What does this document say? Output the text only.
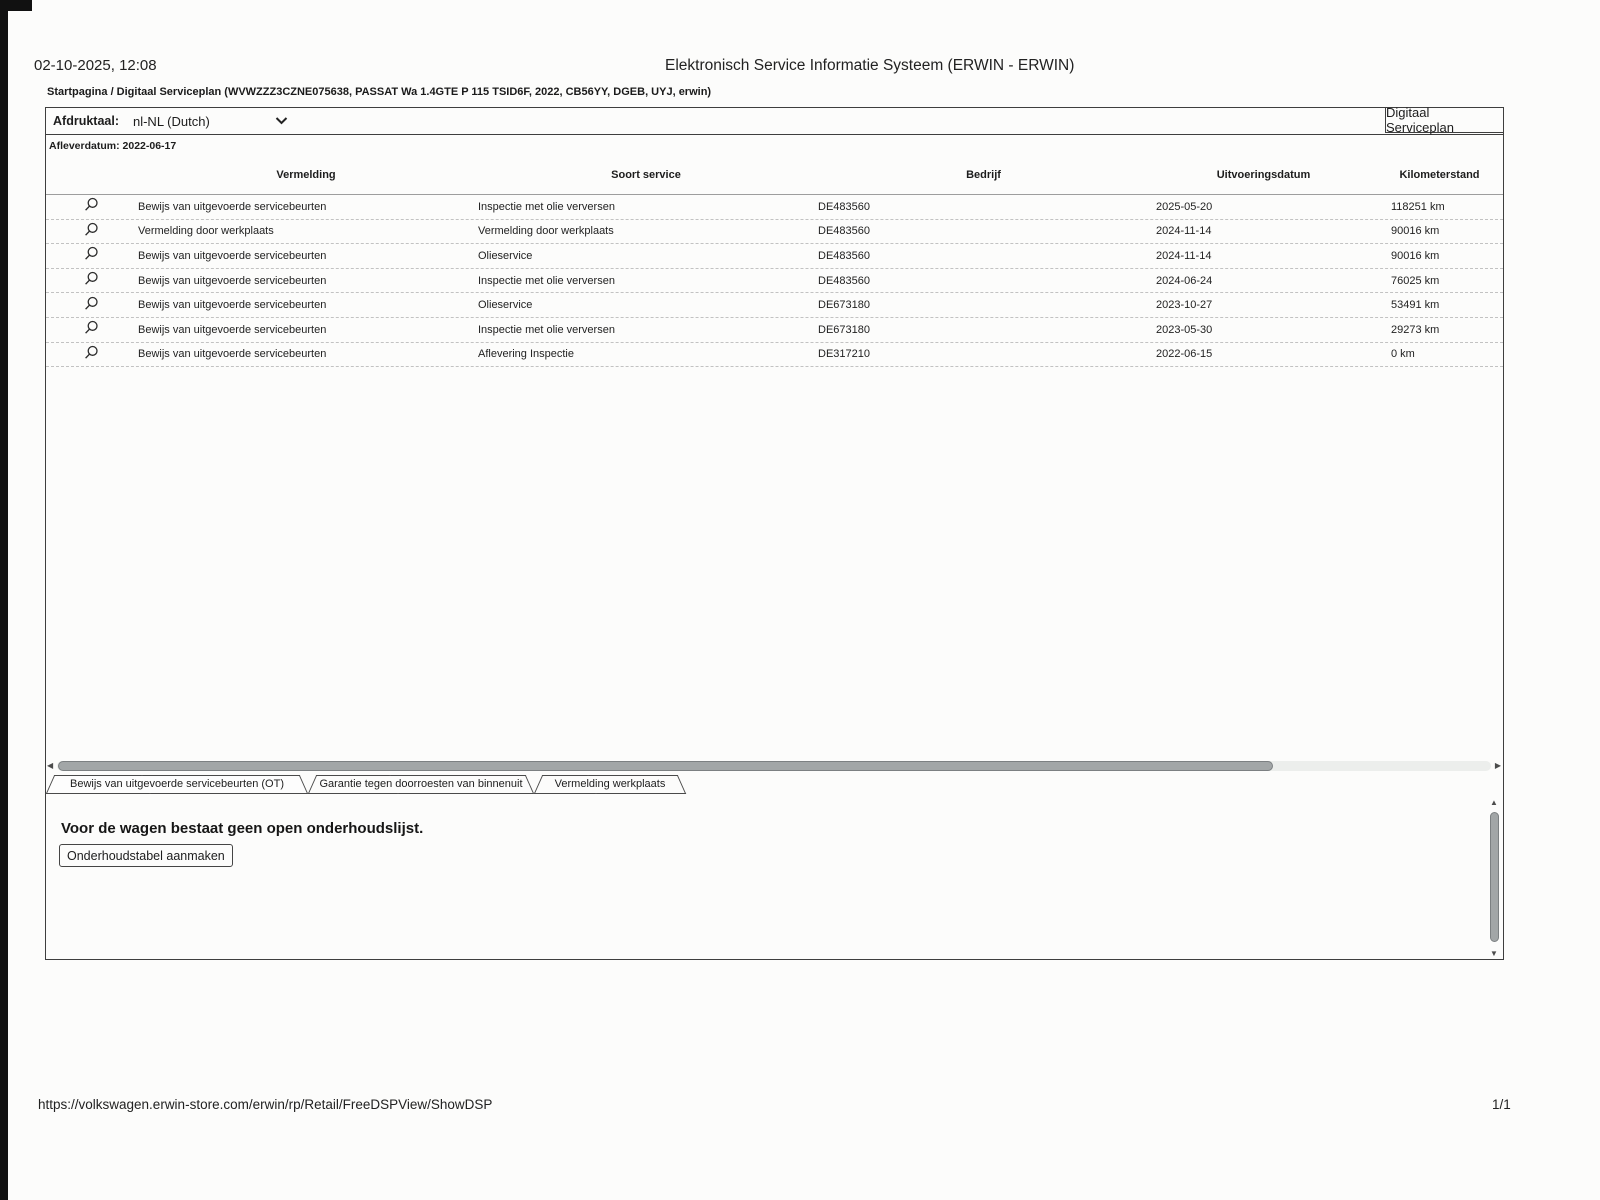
02-10-2025, 12:08	Elektronisch Service Informatie Systeem (ERWIN - ERWIN)
Startpagina / Digitaal Serviceplan (WVWZZZ3CZNE075638, PASSAT Wa 1.4GTE P 115 TSID6F, 2022, CB56YY, DGEB, UYJ, erwin)
Afdruktaal: nl-NL (Dutch)
Digitaal Serviceplan
Afleverdatum: 2022-06-17
Vermelding	Soort service	Bedrijf	Uitvoeringsdatum	Kilometerstand
Bewijs van uitgevoerde servicebeurten	Inspectie met olie verversen	DE483560	2025-05-20	118251 km
Vermelding door werkplaats	Vermelding door werkplaats	DE483560	2024-11-14	90016 km
Bewijs van uitgevoerde servicebeurten	Olieservice	DE483560	2024-11-14	90016 km
Bewijs van uitgevoerde servicebeurten	Inspectie met olie verversen	DE483560	2024-06-24	76025 km
Bewijs van uitgevoerde servicebeurten	Olieservice	DE673180	2023-10-27	53491 km
Bewijs van uitgevoerde servicebeurten	Inspectie met olie verversen	DE673180	2023-05-30	29273 km
Bewijs van uitgevoerde servicebeurten	Aflevering Inspectie	DE317210	2022-06-15	0 km
◀	▶
Bewijs van uitgevoerde servicebeurten (OT)	Garantie tegen doorroesten van binnenuit	Vermelding werkplaats
Voor de wagen bestaat geen open onderhoudslijst.
Onderhoudstabel aanmaken
▲
▼
https://volkswagen.erwin-store.com/erwin/rp/Retail/FreeDSPView/ShowDSP	1/1
